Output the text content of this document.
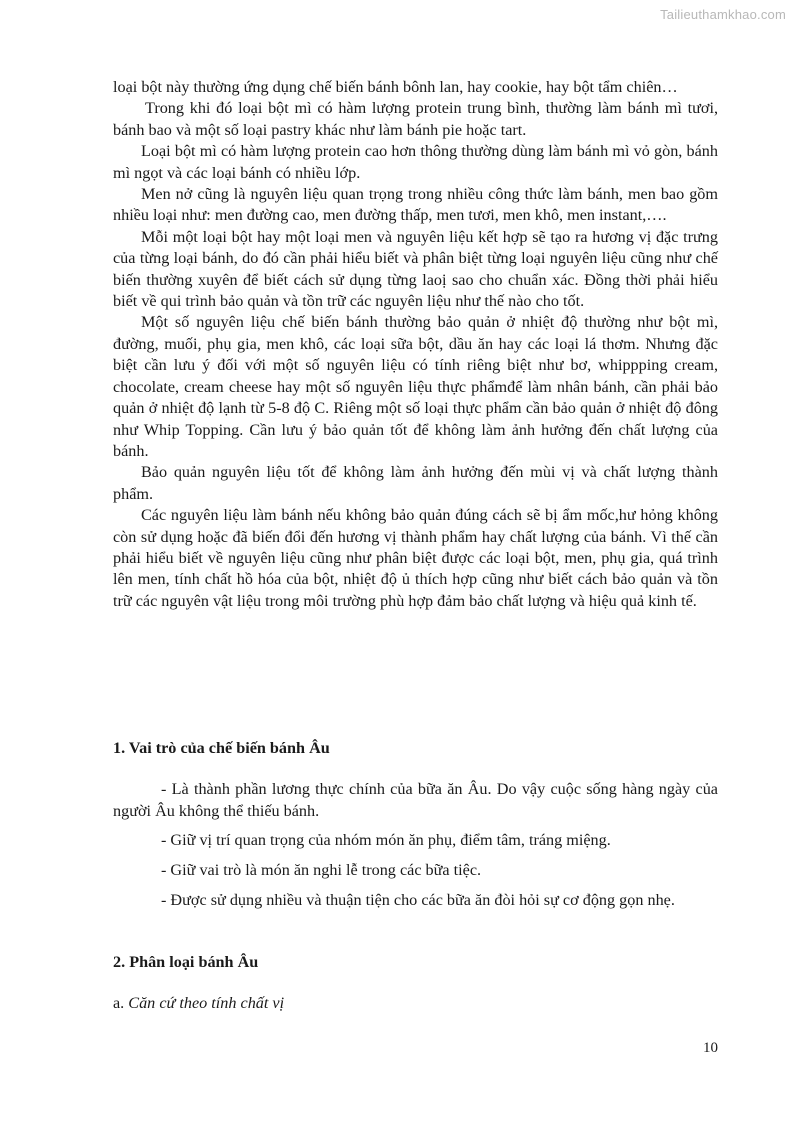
Tailieuthamkhao.com

loại bột này thường ứng dụng chế biến bánh bônh lan, hay cookie, hay bột tẩm chiên…

Trong khi đó loại bột mì có hàm lượng protein trung bình, thường làm bánh mì tươi, bánh bao và một số loại pastry khác như làm bánh pie hoặc tart.

Loại bột mì có hàm lượng protein cao hơn thông thường dùng làm bánh mì vỏ gòn, bánh mì ngọt và các loại bánh có nhiều lớp.

Men nở cũng là nguyên liệu quan trọng trong nhiều công thức làm bánh, men bao gồm nhiều loại như: men đường cao, men đường thấp, men tươi, men khô, men instant,….

Mỗi một loại bột hay một loại men và nguyên liệu kết hợp sẽ tạo ra hương vị đặc trưng của từng loại bánh, do đó cần phải hiểu biết và phân biệt từng loại nguyên liệu cũng như chế biến thường xuyên để biết cách sử dụng từng laoị sao cho chuẩn xác. Đồng thời phải hiểu biết về qui trình bảo quản và tồn trữ các nguyên liệu như thế nào cho tốt.

Một số nguyên liệu chế biến bánh thường bảo quản ở nhiệt độ thường như bột mì, đường, muối, phụ gia, men khô, các loại sữa bột, dầu ăn hay các loại lá thơm. Nhưng đặc biệt cần lưu ý đối với một số nguyên liệu có tính riêng biệt như bơ, whippping cream, chocolate, cream cheese hay một số nguyên liệu thực phẩmđể làm nhân bánh, cần phải bảo quản ở nhiệt độ lạnh từ 5-8 độ C. Riêng một số loại thực phẩm cần bảo quản ở nhiệt độ đông như Whip Topping. Cần lưu ý bảo quản tốt để không làm ảnh hưởng đến chất lượng của bánh.

Bảo quản nguyên liệu tốt để không làm ảnh hưởng đến mùi vị và chất lượng thành phẩm.

Các nguyên liệu làm bánh nếu không bảo quản đúng cách sẽ bị ẩm mốc,hư hỏng không còn sử dụng hoặc đã biến đổi đến hương vị thành phẩm hay chất lượng của bánh. Vì thế cần phải hiểu biết về nguyên liệu cũng như phân biệt được các loại bột, men, phụ gia, quá trình lên men, tính chất hồ hóa của bột, nhiệt độ ủ thích hợp cũng như biết cách bảo quản và tồn trữ các nguyên vật liệu trong môi trường phù hợp đảm bảo chất lượng và hiệu quả kinh tế.

1. Vai trò của chế biến bánh Âu

- Là thành phần lương thực chính của bữa ăn Âu. Do vậy cuộc sống hàng ngày của người Âu không thể thiếu bánh.

- Giữ vị trí quan trọng của nhóm món ăn phụ, điểm tâm, tráng miệng.

- Giữ vai trò là món ăn nghi lễ trong các bữa tiệc.

- Được sử dụng nhiều và thuận tiện cho các bữa ăn đòi hỏi sự cơ động gọn nhẹ.

2. Phân loại bánh Âu

a. Căn cứ theo tính chất vị

10
